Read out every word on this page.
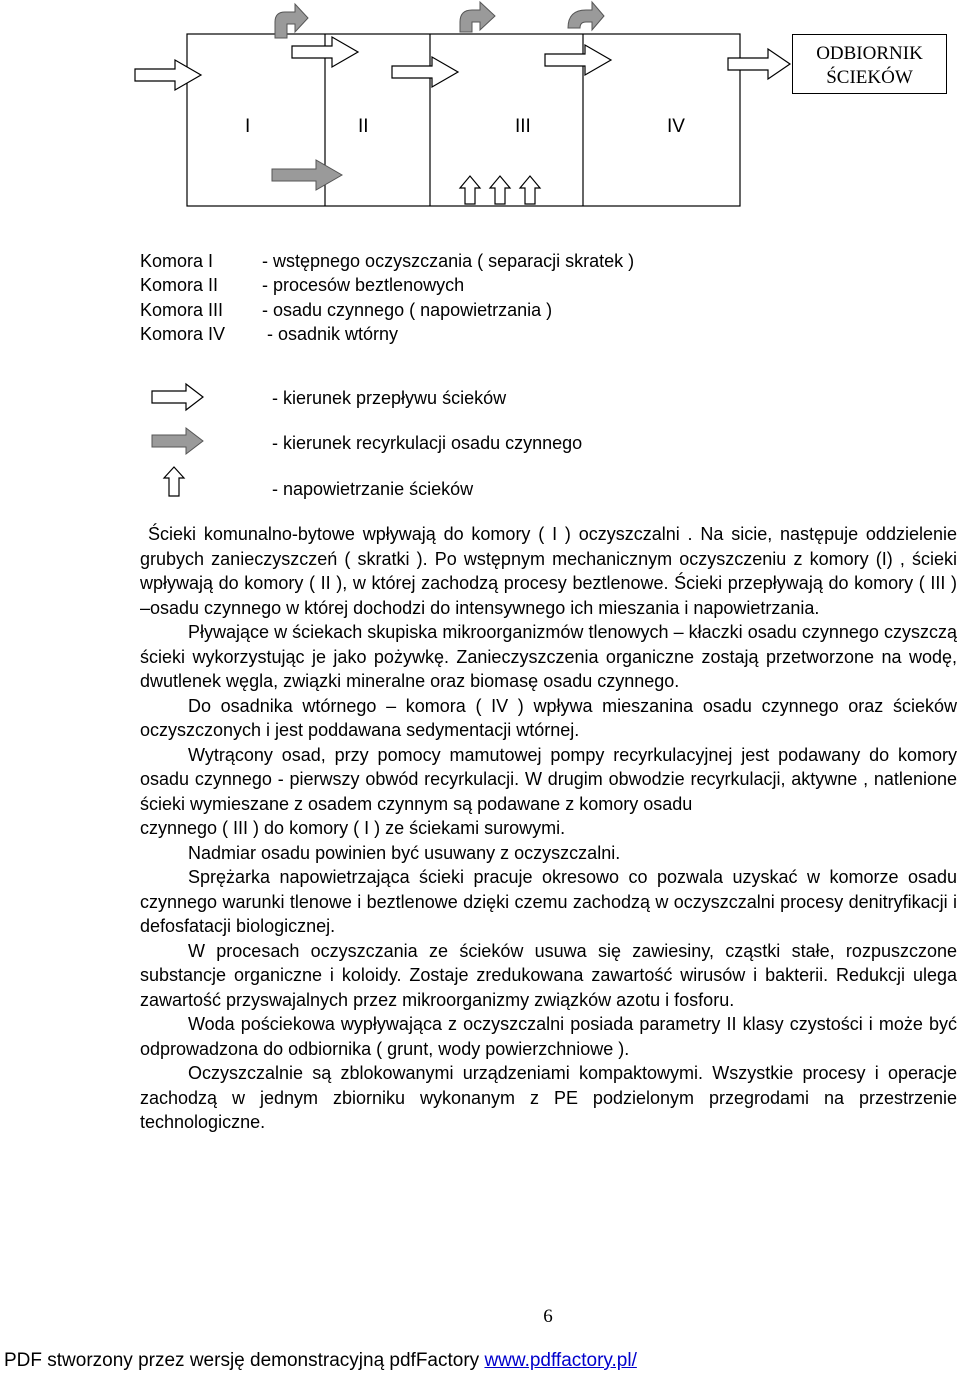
I	II	III	IV
ODBIORNIK
ŚCIEKÓW
Komora I	- wstępnego oczyszczania ( separacji skratek )
Komora II - procesów beztlenowych
Komora III - osadu czynnego ( napowietrzania )
Komora IV - osadnik wtórny
- kierunek przepływu ścieków
- kierunek recyrkulacji osadu czynnego
- napowietrzanie ścieków

Ścieki komunalno-bytowe wpływają do komory ( I ) oczyszczalni . Na sicie, następuje oddzielenie grubych zanieczyszczeń ( skratki ). Po wstępnym mechanicznym oczyszczeniu z komory (I) , ścieki wpływają do komory ( II ), w której zachodzą procesy beztlenowe. Ścieki przepływają do komory ( III ) –osadu czynnego w której dochodzi do intensywnego ich mieszania i napowietrzania.

Pływające w ściekach skupiska mikroorganizmów tlenowych – kłaczki osadu czynnego czyszczą ścieki wykorzystując je jako pożywkę. Zanieczyszczenia organiczne zostają przetworzone na wodę, dwutlenek węgla, związki mineralne oraz biomasę osadu czynnego.

Do osadnika wtórnego – komora ( IV ) wpływa mieszanina osadu czynnego oraz ścieków oczyszczonych i jest poddawana sedymentacji wtórnej.

Wytrącony osad, przy pomocy mamutowej pompy recyrkulacyjnej jest podawany do komory osadu czynnego - pierwszy obwód recyrkulacji. W drugim obwodzie recyrkulacji, aktywne , natlenione ścieki wymieszane z osadem czynnym są podawane z komory osadu

czynnego ( III ) do komory ( I ) ze ściekami surowymi.

Nadmiar osadu powinien być usuwany z oczyszczalni.

Sprężarka napowietrzająca ścieki pracuje okresowo co pozwala uzyskać w komorze osadu czynnego warunki tlenowe i beztlenowe dzięki czemu zachodzą w oczyszczalni procesy denitryfikacji i defosfatacji biologicznej.

W procesach oczyszczania ze ścieków usuwa się zawiesiny, cząstki stałe, rozpuszczone substancje organiczne i koloidy. Zostaje zredukowana zawartość wirusów i bakterii. Redukcji ulega zawartość przyswajalnych przez mikroorganizmy związków azotu i fosforu.

Woda pościekowa wypływająca z oczyszczalni posiada parametry II klasy czystości i może być odprowadzona do odbiornika ( grunt, wody powierzchniowe ).

Oczyszczalnie są zblokowanymi urządzeniami kompaktowymi. Wszystkie procesy i operacje zachodzą w jednym zbiorniku wykonanym z PE podzielonym przegrodami na przestrzenie technologiczne.

6
PDF stworzony przez wersję demonstracyjną pdfFactory www.pdffactory.pl/
